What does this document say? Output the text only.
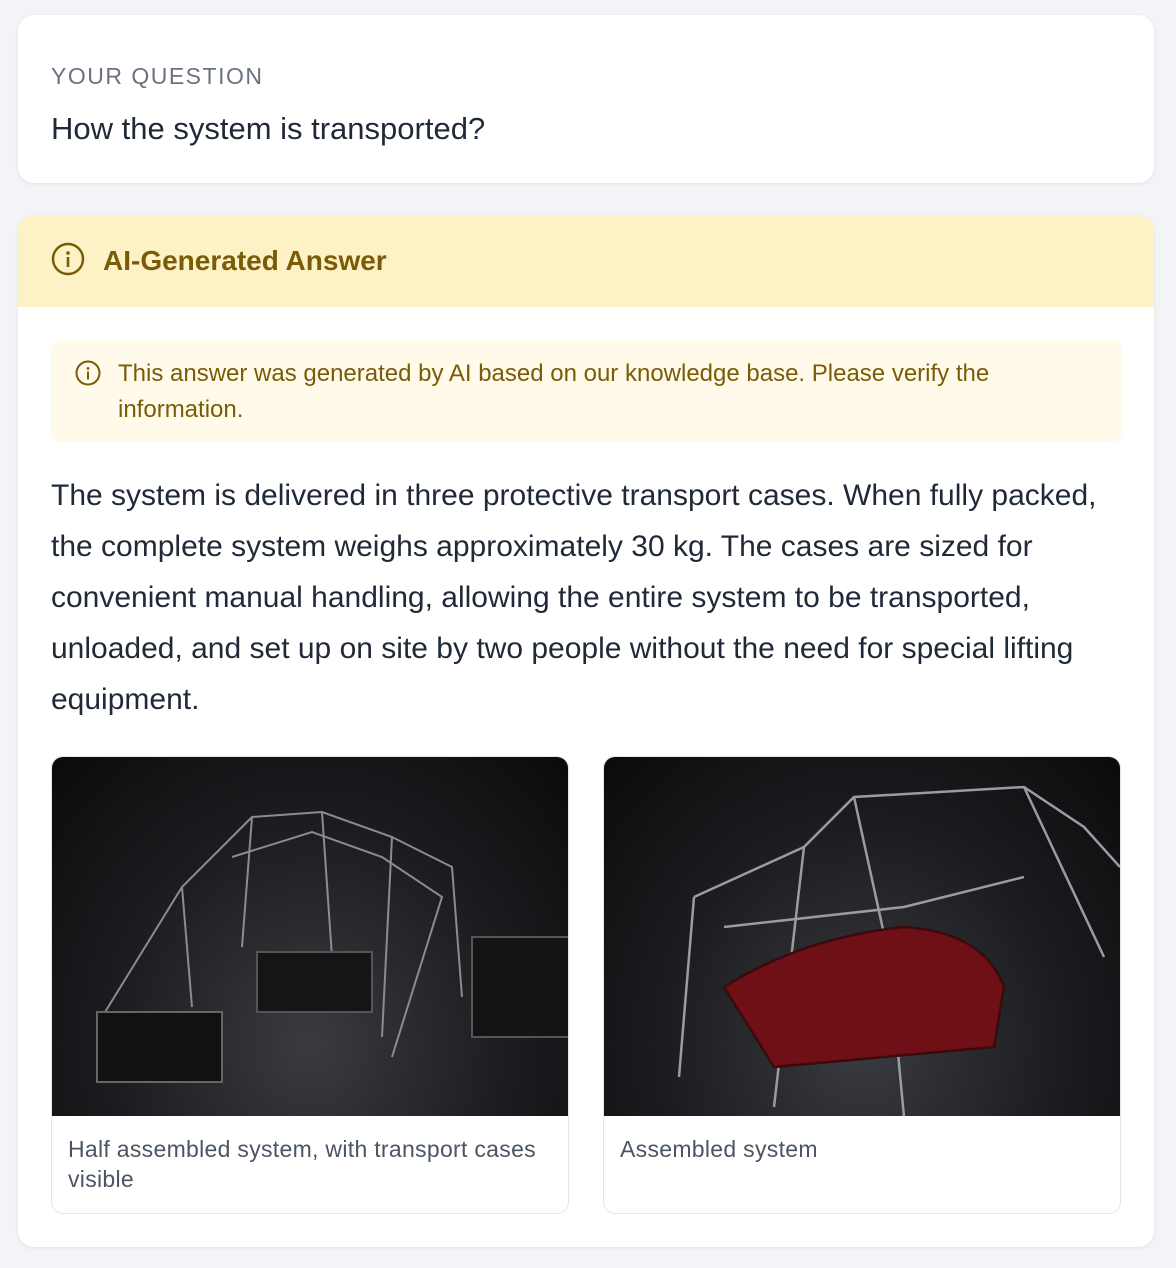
YOUR QUESTION
How the system is transported?
AI-Generated Answer
This answer was generated by AI based on our knowledge base. Please verify the information.
The system is delivered in three protective transport cases. When fully packed, the complete system weighs approximately 30 kg. The cases are sized for convenient manual handling, allowing the entire system to be transported, unloaded, and set up on site by two people without the need for special lifting equipment.
Half assembled system, with transport cases visible
Assembled system
